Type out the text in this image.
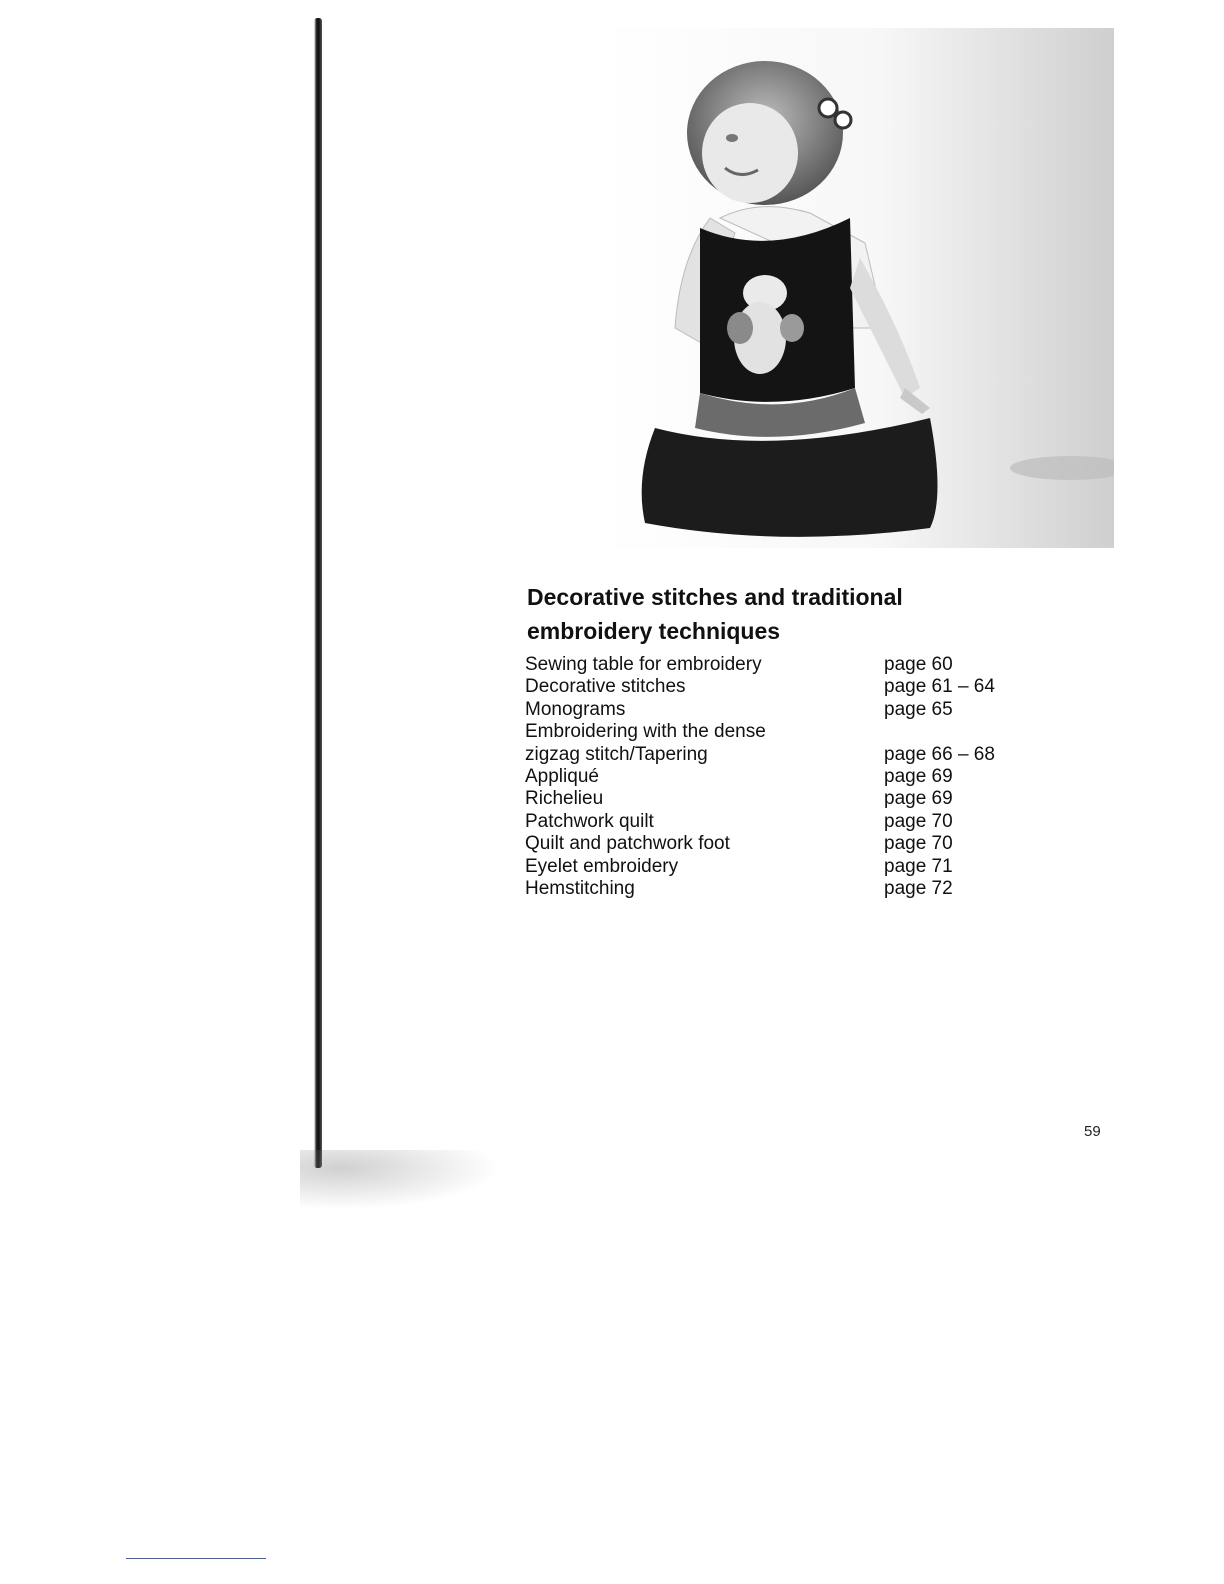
Decorative stitches and traditional
embroidery techniques
Sewing table for embroidery	page 60
Decorative stitches	page 61 – 64
Monograms	page 65
Embroidering with the dense
zigzag stitch/Tapering	page 66 – 68
Appliqué	page 69
Richelieu	page 69
Patchwork quilt	page 70
Quilt and patchwork foot	page 70
Eyelet embroidery	page 71
Hemstitching	page 72
59
